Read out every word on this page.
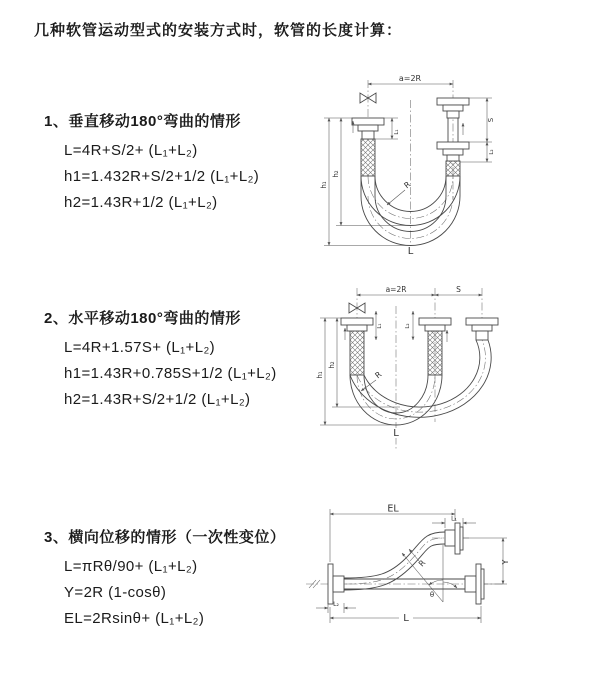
几种软管运动型式的安装方式时，软管的长度计算：
1、垂直移动180°弯曲的情形
L=4R+S/2+ (L₁+L₂)
h1=1.432R+S/2+1/2 (L₁+L₂)
h2=1.43R+1/2 (L₁+L₂)
2、水平移动180°弯曲的情形
L=4R+1.57S+ (L₁+L₂)
h1=1.43R+0.785S+1/2 (L₁+L₂)
h2=1.43R+S/2+1/2 (L₁+L₂)
3、横向位移的情形（一次性变位）
L=πRθ/90+ (L₁+L₂)
Y=2R (1-cosθ)
EL=2Rsinθ+ (L₁+L₂)
a=2R
L₁
S
L₂
h₁
h₂
R
L
a=2R	S
L₁	L₂
h₁
h₂
R
L
EL
L₁
Y
θ
R
L₂
L
